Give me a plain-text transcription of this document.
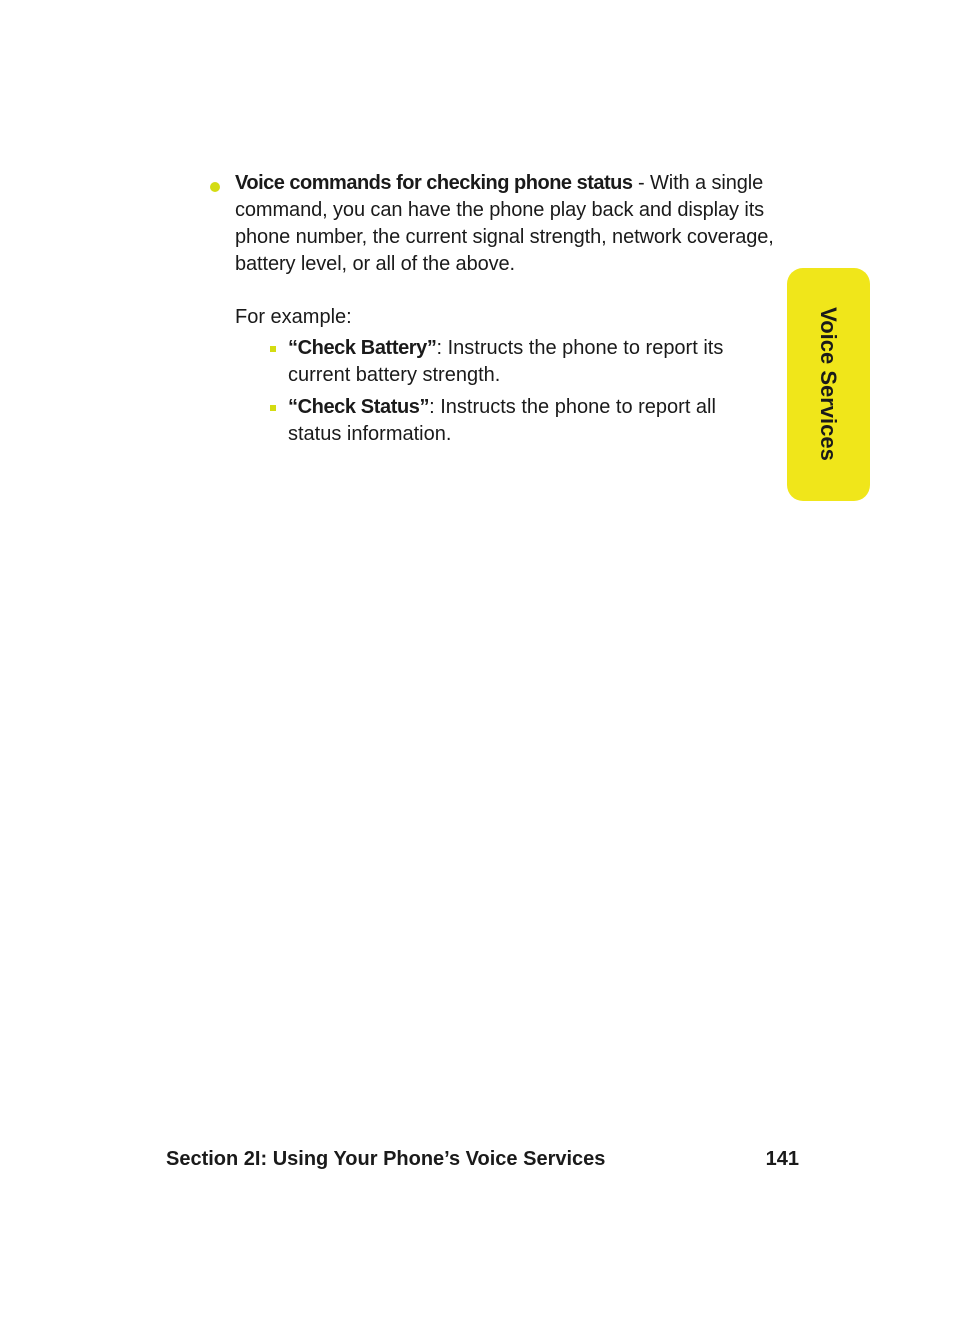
Voice commands for checking phone status - With a single command, you can have the phone play back and display its phone number, the current signal strength, network coverage, battery level, or all of the above.

For example:

“Check Battery”: Instructs the phone to report its current battery strength.
“Check Status”: Instructs the phone to report all status information.	Voice Services
Section 2I: Using Your Phone’s Voice Services	141
